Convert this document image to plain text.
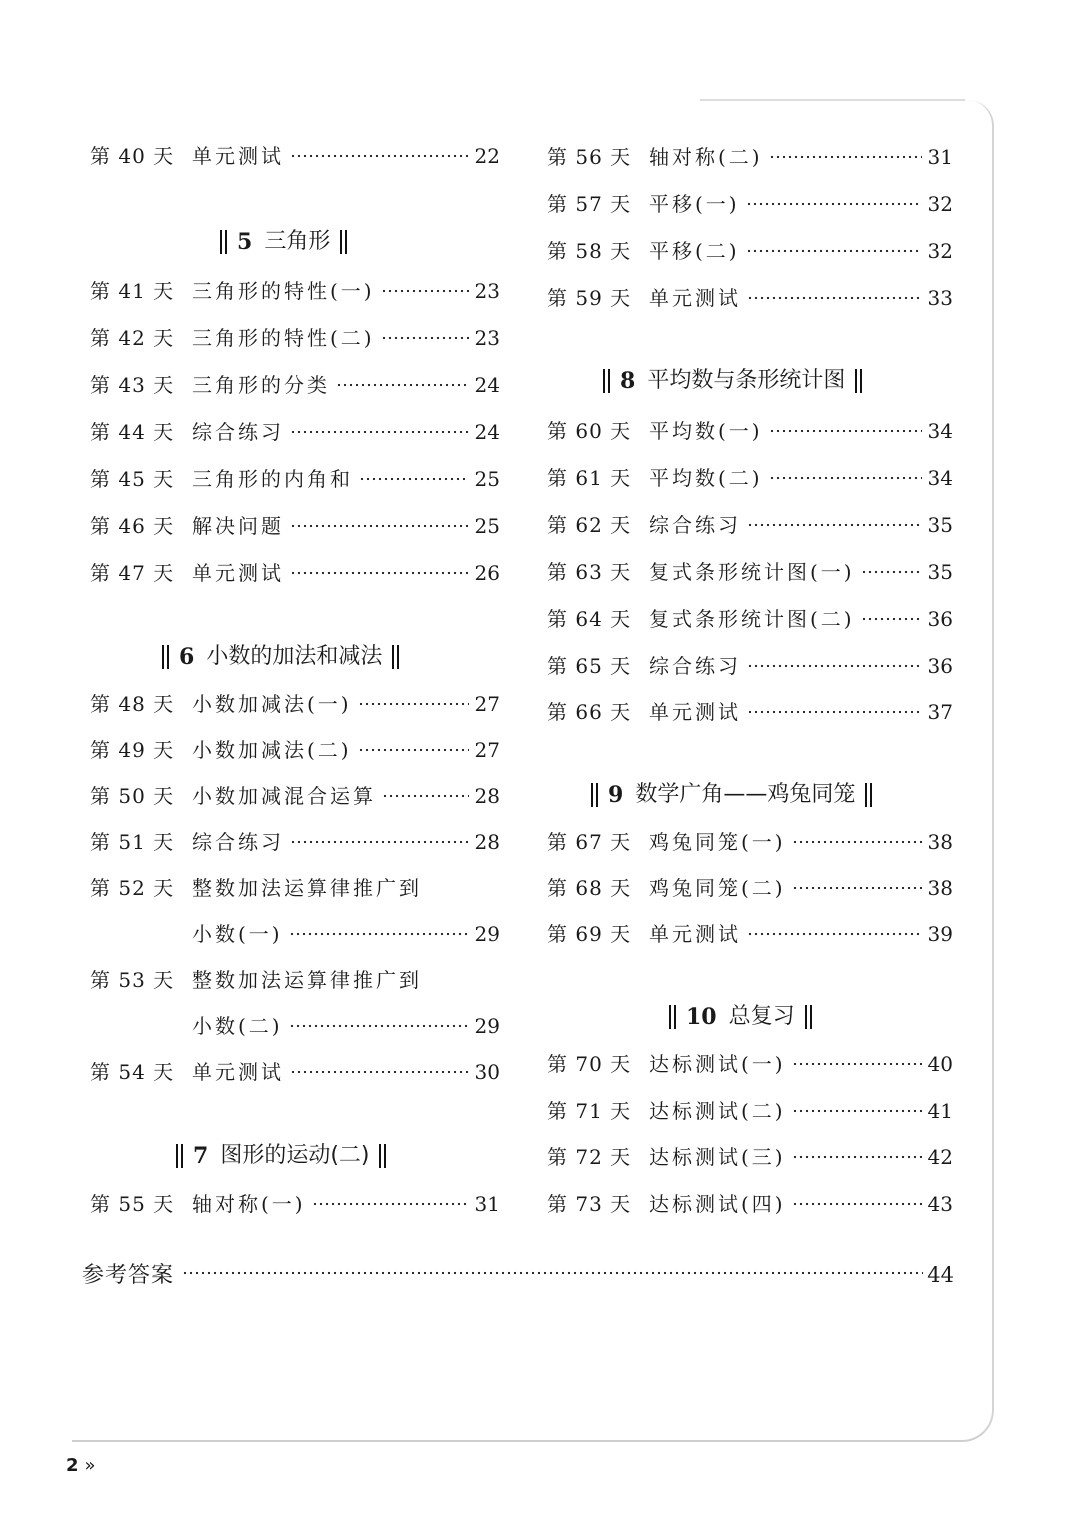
第 40 天 单元测试	22
5 三角形
第 41 天 三角形的特性(一)	23
第 42 天 三角形的特性(二)	23
第 43 天 三角形的分类	24
第 44 天 综合练习	24
第 45 天 三角形的内角和	25
第 46 天 解决问题	25
第 47 天 单元测试	26
6 小数的加法和减法
第 48 天 小数加减法(一)	27
第 49 天 小数加减法(二)	27
第 50 天 小数加减混合运算	28
第 51 天 综合练习	28
第 52 天 整数加法运算律推广到
小数(一)	29
第 53 天 整数加法运算律推广到
小数(二)	29
第 54 天 单元测试	30
7 图形的运动(二)
第 55 天 轴对称(一)	31
第 56 天 轴对称(二)	31
第 57 天 平移(一)	32
第 58 天 平移(二)	32
第 59 天 单元测试	33
8 平均数与条形统计图
第 60 天 平均数(一)	34
第 61 天 平均数(二)	34
第 62 天 综合练习	35
第 63 天 复式条形统计图(一)	35
第 64 天 复式条形统计图(二)	36
第 65 天 综合练习	36
第 66 天 单元测试	37
9 数学广角——鸡兔同笼
第 67 天 鸡兔同笼(一)	38
第 68 天 鸡兔同笼(二)	38
第 69 天 单元测试	39
10 总复习
第 70 天 达标测试(一)	40
第 71 天 达标测试(二)	41
第 72 天 达标测试(三)	42
第 73 天 达标测试(四)	43
参考答案	44
2 »
